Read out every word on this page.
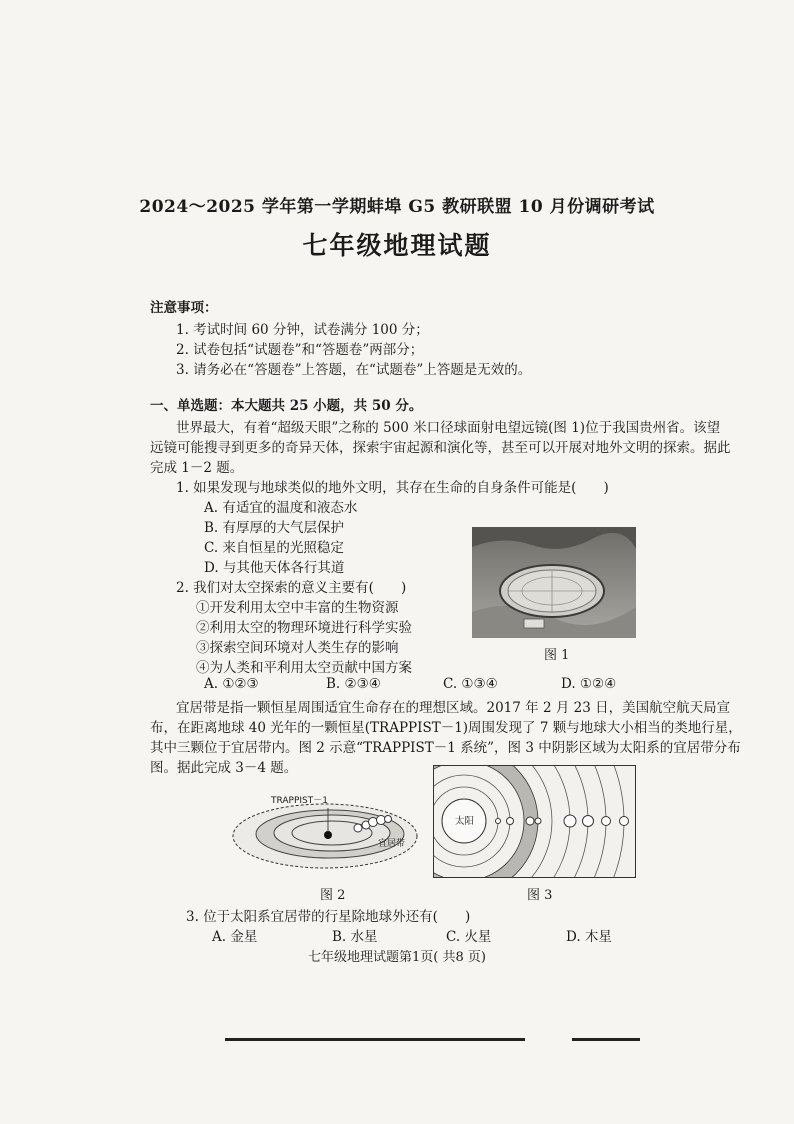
2024～2025 学年第一学期蚌埠 G5 教研联盟 10 月份调研考试
七年级地理试题
注意事项：
1. 考试时间 60 分钟，试卷满分 100 分；
2. 试卷包括“试题卷”和“答题卷”两部分；
3. 请务必在“答题卷”上答题，在“试题卷”上答题是无效的。
一、单选题：本大题共 25 小题，共 50 分。
世界最大，有着“超级天眼”之称的 500 米口径球面射电望远镜(图 1)位于我国贵州省。该望
远镜可能搜寻到更多的奇异天体，探索宇宙起源和演化等，甚至可以开展对地外文明的探索。据此
完成 1－2 题。
1. 如果发现与地球类似的地外文明，其存在生命的自身条件可能是(　　)
A. 有适宜的温度和液态水
B. 有厚厚的大气层保护
C. 来自恒星的光照稳定
D. 与其他天体各行其道
2. 我们对太空探索的意义主要有(　　)
①开发利用太空中丰富的生物资源
②利用太空的物理环境进行科学实验
③探索空间环境对人类生存的影响
④为人类和平利用太空贡献中国方案
A. ①②③	B. ②③④	C. ①③④	D. ①②④
图 1
宜居带是指一颗恒星周围适宜生命存在的理想区域。2017 年 2 月 23 日，美国航空航天局宣
布，在距离地球 40 光年的一颗恒星(TRAPPIST－1)周围发现了 7 颗与地球大小相当的类地行星，
其中三颗位于宜居带内。图 2 示意“TRAPPIST－1 系统”，图 3 中阴影区域为太阳系的宜居带分布
图。据此完成 3－4 题。
TRAPPIST－1
宜居带
图 2
太阳
图 3
3. 位于太阳系宜居带的行星除地球外还有(　　)
A. 金星	B. 水星	C. 火星	D. 木星
七年级地理试题第1页( 共8 页)
